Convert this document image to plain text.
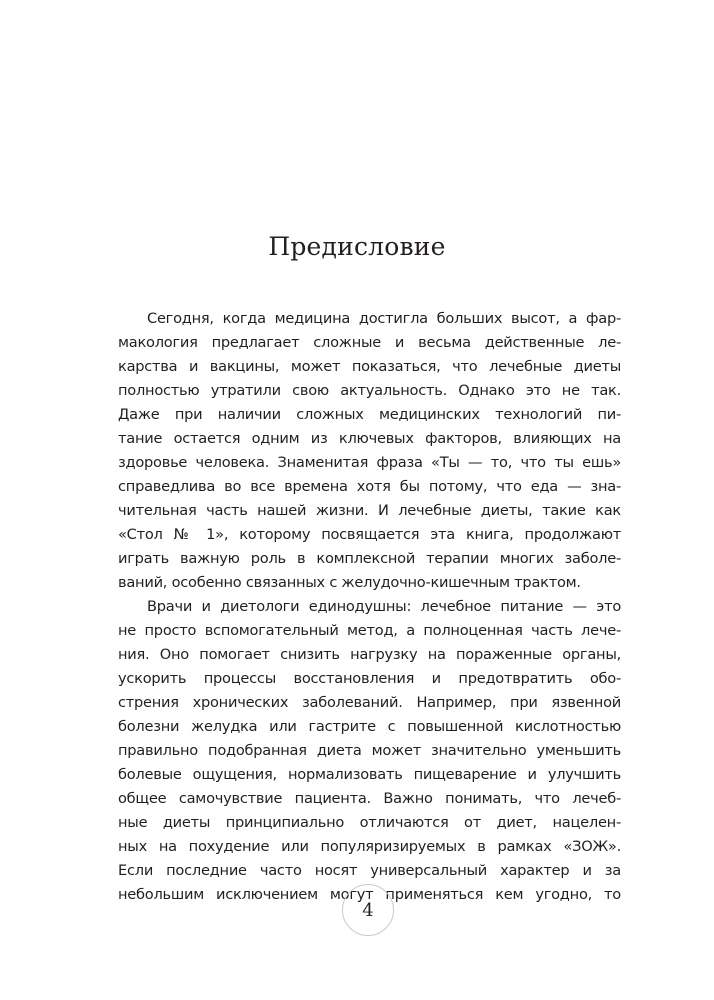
Предисловие
Сегодня, когда медицина достигла больших высот, а фар-
макология предлагает сложные и весьма действенные ле-
карства и вакцины, может показаться, что лечебные диеты
полностью утратили свою актуальность. Однако это не так.
Даже при наличии сложных медицинских технологий пи-
тание остается одним из ключевых факторов, влияющих на
здоровье человека. Знаменитая фраза «Ты — то, что ты ешь»
справедлива во все времена хотя бы потому, что еда — зна-
чительная часть нашей жизни. И лечебные диеты, такие как
«Стол № 1», которому посвящается эта книга, продолжают
играть важную роль в комплексной терапии многих заболе-
ваний, особенно связанных с желудочно-кишечным трактом.
Врачи и диетологи единодушны: лечебное питание — это
не просто вспомогательный метод, а полноценная часть лече-
ния. Оно помогает снизить нагрузку на пораженные органы,
ускорить процессы восстановления и предотвратить обо-
стрения хронических заболеваний. Например, при язвенной
болезни желудка или гастрите с повышенной кислотностью
правильно подобранная диета может значительно уменьшить
болевые ощущения, нормализовать пищеварение и улучшить
общее самочувствие пациента. Важно понимать, что лечеб-
ные диеты принципиально отличаются от диет, нацелен-
ных на похудение или популяризируемых в рамках «ЗОЖ».
Если последние часто носят универсальный характер и за
небольшим исключением могут применяться кем угодно, то
4
